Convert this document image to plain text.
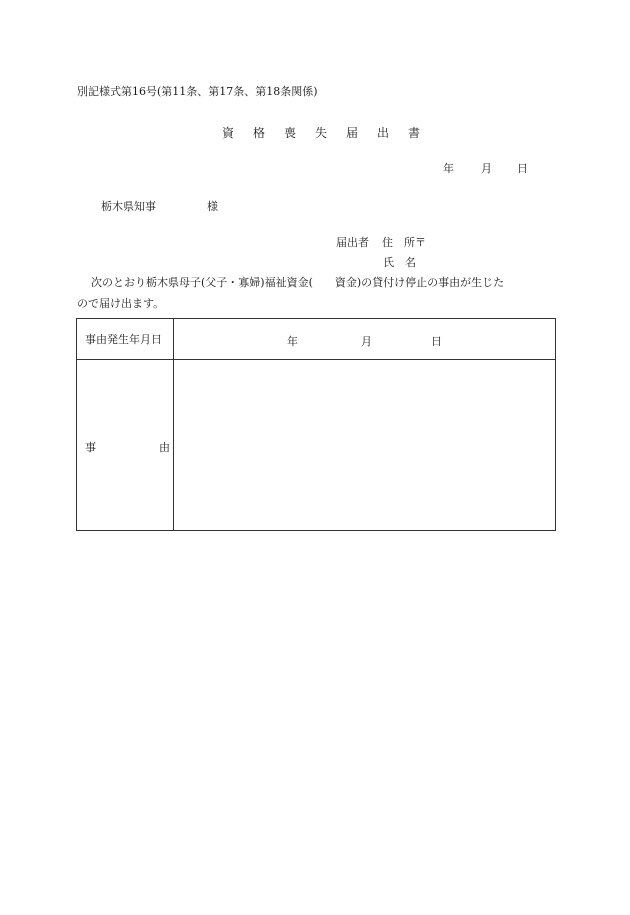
別記様式第16号(第11条、第17条、第18条関係)
資 格 喪 失 届 出 書
年 月 日
栃木県知事	様
届出者 住　所〒
氏　名
次のとおり栃木県母子(父子・寡婦)福祉資金(　　資金)の貸付け停止の事由が生じた
ので届け出ます。
事由発生年月日	年 月 日

事 由	
